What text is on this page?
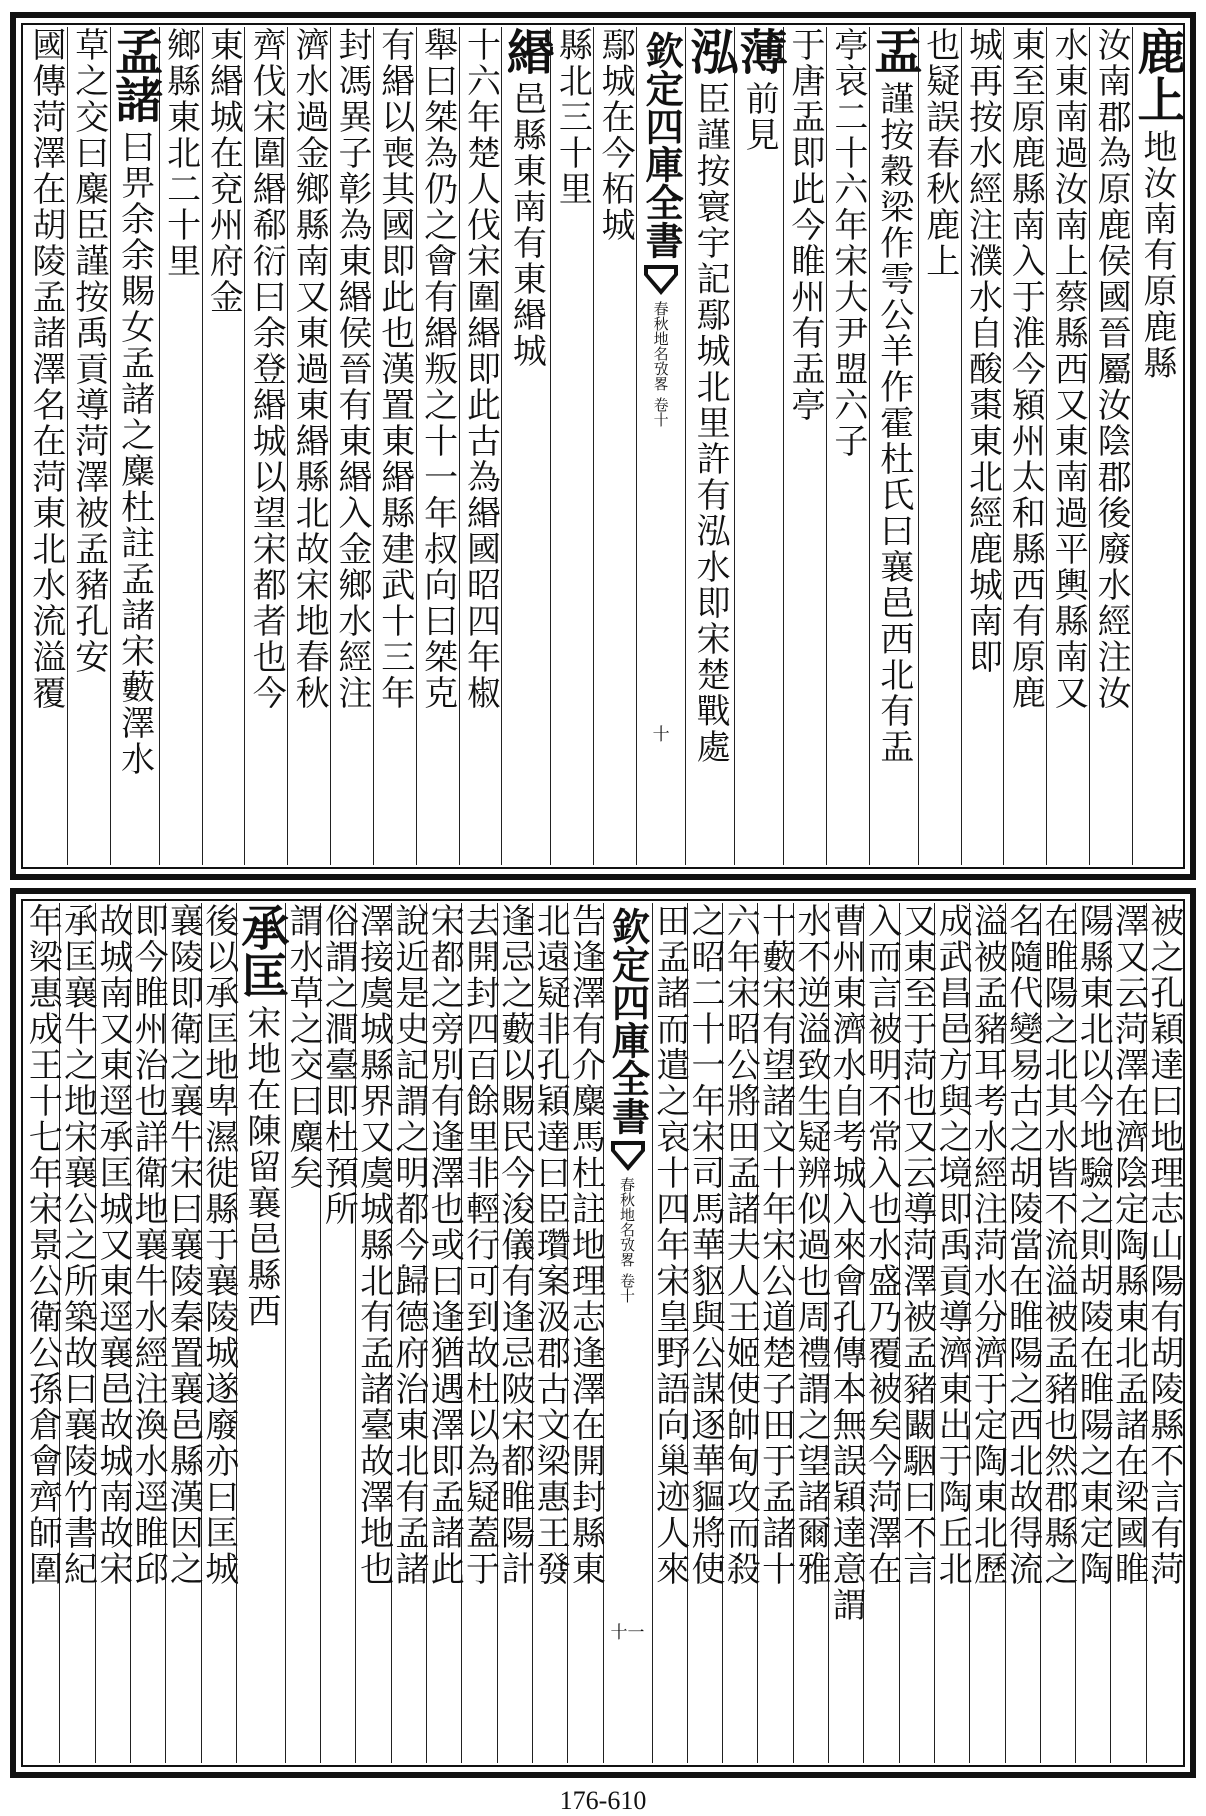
鹿上
地汝南有原鹿縣
汝南郡為原鹿侯國晉屬汝陰郡後廢水經注汝
水東南過汝南上蔡縣西又東南過平輿縣南又
東至原鹿縣南入于淮今潁州太和縣西有原鹿
城再按水經注濮水自酸棗東北經鹿城南即
也疑誤春秋鹿上
盂
謹按穀梁作雩公羊作霍杜氏曰襄邑西北有盂
亭哀二十六年宋大尹盟六子
于唐盂即此今睢州有盂亭
薄
前見
泓
臣謹按寰宇記鄢城北里許有泓水即宋楚戰處
欽定四庫全書
春秋地名攷畧
卷十
十
鄢城在今柘城
縣北三十里
緡
邑縣東南有東緡城
十六年楚人伐宋圍緡即此古為緡國昭四年椒
舉曰桀為仍之會有緡叛之十一年叔向曰桀克
有緡以喪其國即此也漢置東緡縣建武十三年
封馮異子彰為東緡侯晉有東緡入金鄉水經注
濟水過金鄉縣南又東過東緡縣北故宋地春秋
齊伐宋圍緡郗衍曰余登緡城以望宋都者也今
東緡城在兗州府金
鄉縣東北二十里
孟諸
曰畀余余賜女孟諸之麋杜註孟諸宋藪澤水
草之交曰麋臣謹按禹貢導菏澤被孟豬孔安
國傳菏澤在胡陵孟諸澤名在菏東北水流溢覆
被之孔穎達曰地理志山陽有胡陵縣不言有菏
澤又云菏澤在濟陰定陶縣東北孟諸在梁國睢
陽縣東北以今地驗之則胡陵在睢陽之東定陶
在睢陽之北其水皆不流溢被孟豬也然郡縣之
名隨代變易古之胡陵當在睢陽之西北故得流
溢被孟豬耳考水經注菏水分濟于定陶東北歷
成武昌邑方與之境即禹貢導濟東出于陶丘北
又東至于菏也又云導菏澤被孟豬闞駰曰不言
入而言被明不常入也水盛乃覆被矣今菏澤在
曹州東濟水自考城入來會孔傳本無誤穎達意謂
水不逆溢致生疑辨似過也周禮謂之望諸爾雅
十藪宋有望諸文十年宋公道楚子田于孟諸十
六年宋昭公將田孟諸夫人王姬使帥甸攻而殺
之昭二十一年宋司馬華䝙與公謀逐華貙將使
田孟諸而遣之哀十四年宋皇野語向巢迹人來
欽定四庫全書
春秋地名攷畧
卷十
十一
告逢澤有介麋馬杜註地理志逢澤在開封縣東
北遠疑非孔穎達曰臣瓚案汲郡古文梁惠王發
逢忌之藪以賜民今浚儀有逢忌陂宋都睢陽計
去開封四百餘里非輕行可到故杜以為疑蓋于
宋都之旁別有逢澤也或曰逢猶遇澤即孟諸此
說近是史記謂之明都今歸德府治東北有孟諸
澤接虞城縣界又虞城縣北有孟諸臺故澤地也
俗謂之澗臺即杜預所
謂水草之交曰麋矣
承匡
宋地在陳留襄邑縣西
後以承匡地卑濕徙縣于襄陵城遂廢亦曰匡城
襄陵即衛之襄牛宋曰襄陵秦置襄邑縣漢因之
即今睢州治也詳衛地襄牛水經注渙水逕睢邱
故城南又東逕承匡城又東逕襄邑故城南故宋
承匡襄牛之地宋襄公之所築故曰襄陵竹書紀
年梁惠成王十七年宋景公衛公孫倉會齊師圍
176-610
